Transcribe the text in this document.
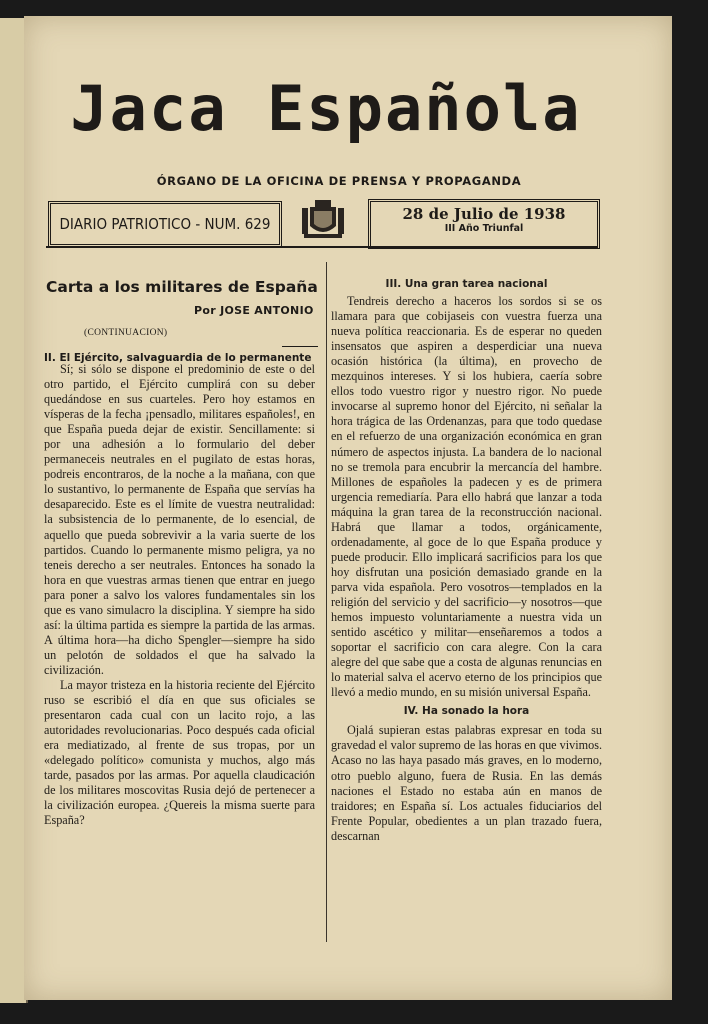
Jaca Española
ÓRGANO DE LA OFICINA DE PRENSA Y PROPAGANDA
DIARIO PATRIOTICO - NUM. 629
28 de Julio de 1938
III Año Triunfal
Carta a los militares de España
Por JOSE ANTONIO
(CONTINUACION)
II. El Ejército, salvaguardia de lo permanente

Sí; si sólo se dispone el predominio de este o del otro partido, el Ejército cumplirá con su deber quedándose en sus cuarteles. Pero hoy estamos en vísperas de la fecha ¡pensadlo, militares españoles!, en que España pueda dejar de existir. Sencillamente: si por una adhesión a lo formulario del deber permaneceis neutrales en el pugilato de estas horas, podreis encontraros, de la noche a la mañana, con que lo sustantivo, lo permanente de España que servías ha desaparecido. Este es el límite de vuestra neutralidad: la subsistencia de lo permanente, de lo esencial, de aquello que pueda sobrevivir a la varia suerte de los partidos. Cuando lo permanente mismo peligra, ya no teneis derecho a ser neutrales. Entonces ha sonado la hora en que vuestras armas tienen que entrar en juego para poner a salvo los valores fundamentales sin los que es vano simulacro la disciplina. Y siempre ha sido así: la última partida es siempre la partida de las armas. A última hora—ha dicho Spengler—siempre ha sido un pelotón de soldados el que ha salvado la civilización.

La mayor tristeza en la historia reciente del Ejército ruso se escribió el día en que sus oficiales se presentaron cada cual con un lacito rojo, a las autoridades revolucionarias. Poco después cada oficial era mediatizado, al frente de sus tropas, por un «delegado político» comunista y muchos, algo más tarde, pasados por las armas. Por aquella claudicación de los militares moscovitas Rusia dejó de pertenecer a la civilización europea. ¿Quereis la misma suerte para España?

III. Una gran tarea nacional

Tendreis derecho a haceros los sordos si se os llamara para que cobijaseis con vuestra fuerza una nueva política reaccionaria. Es de esperar no queden insensatos que aspiren a desperdiciar una nueva ocasión histórica (la última), en provecho de mezquinos intereses. Y si los hubiera, caería sobre ellos todo vuestro rigor y nuestro rigor. No puede invocarse al supremo honor del Ejército, ni señalar la hora trágica de las Ordenanzas, para que todo quedase en el refuerzo de una organización económica en gran número de aspectos injusta. La bandera de lo nacional no se tremola para encubrir la mercancía del hambre. Millones de españoles la padecen y es de primera urgencia remediaría. Para ello habrá que lanzar a toda máquina la gran tarea de la reconstrucción nacional. Habrá que llamar a todos, orgánicamente, ordenadamente, al goce de lo que España produce y puede producir. Ello implicará sacrificios para los que hoy disfrutan una posición demasiado grande en la parva vida española. Pero vosotros—templados en la religión del servicio y del sacrificio—y nosotros—que hemos impuesto voluntariamente a nuestra vida un sentido ascético y militar—enseñaremos a todos a soportar el sacrificio con cara alegre. Con la cara alegre del que sabe que a costa de algunas renuncias en lo material salva el acervo eterno de los principios que llevó a medio mundo, en su misión universal España.

IV. Ha sonado la hora

Ojalá supieran estas palabras expresar en toda su gravedad el valor supremo de las horas en que vivimos. Acaso no las haya pasado más graves, en lo moderno, otro pueblo alguno, fuera de Rusia. En las demás naciones el Estado no estaba aún en manos de traidores; en España sí. Los actuales fiduciarios del Frente Popular, obedientes a un plan trazado fuera, descarnan
